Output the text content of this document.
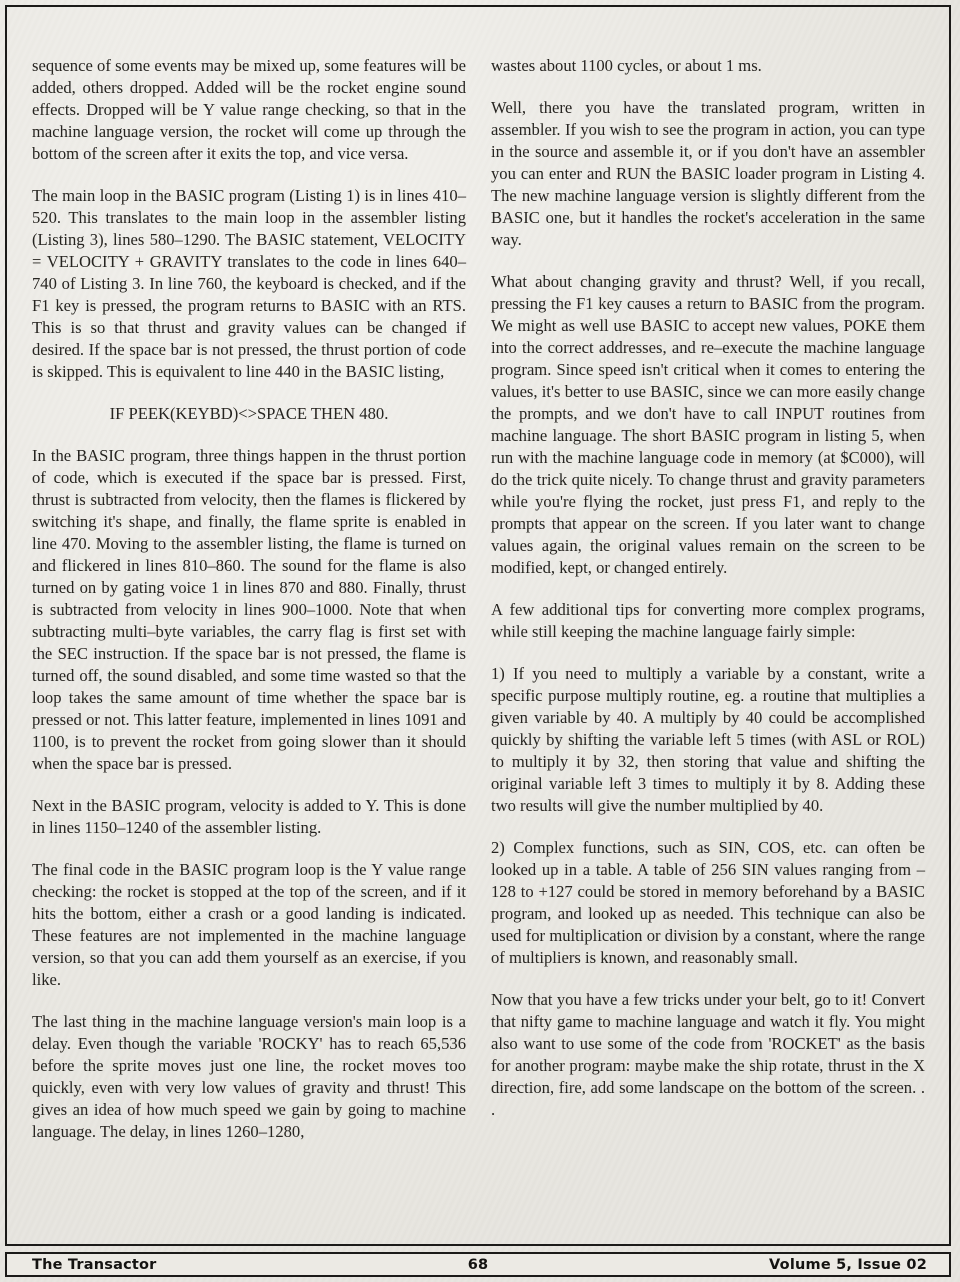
sequence of some events may be mixed up, some features will be added, others dropped. Added will be the rocket engine sound effects. Dropped will be Y value range checking, so that in the machine language version, the rocket will come up through the bottom of the screen after it exits the top, and vice versa.

The main loop in the BASIC program (Listing 1) is in lines 410–520. This translates to the main loop in the assembler listing (Listing 3), lines 580–1290. The BASIC statement, VELOCITY = VELOCITY + GRAVITY translates to the code in lines 640–740 of Listing 3. In line 760, the keyboard is checked, and if the F1 key is pressed, the program returns to BASIC with an RTS. This is so that thrust and gravity values can be changed if desired. If the space bar is not pressed, the thrust portion of code is skipped. This is equivalent to line 440 in the BASIC listing,

IF PEEK(KEYBD)<>SPACE THEN 480.

In the BASIC program, three things happen in the thrust portion of code, which is executed if the space bar is pressed. First, thrust is subtracted from velocity, then the flames is flickered by switching it's shape, and finally, the flame sprite is enabled in line 470. Moving to the assembler listing, the flame is turned on and flickered in lines 810–860. The sound for the flame is also turned on by gating voice 1 in lines 870 and 880. Finally, thrust is subtracted from velocity in lines 900–1000. Note that when subtracting multi–byte variables, the carry flag is first set with the SEC instruction. If the space bar is not pressed, the flame is turned off, the sound disabled, and some time wasted so that the loop takes the same amount of time whether the space bar is pressed or not. This latter feature, implemented in lines 1091 and 1100, is to prevent the rocket from going slower than it should when the space bar is pressed.

Next in the BASIC program, velocity is added to Y. This is done in lines 1150–1240 of the assembler listing.

The final code in the BASIC program loop is the Y value range checking: the rocket is stopped at the top of the screen, and if it hits the bottom, either a crash or a good landing is indicated. These features are not implemented in the machine language version, so that you can add them yourself as an exercise, if you like.

The last thing in the machine language version's main loop is a delay. Even though the variable 'ROCKY' has to reach 65,536 before the sprite moves just one line, the rocket moves too quickly, even with very low values of gravity and thrust! This gives an idea of how much speed we gain by going to machine language. The delay, in lines 1260–1280,

wastes about 1100 cycles, or about 1 ms.

Well, there you have the translated program, written in assembler. If you wish to see the program in action, you can type in the source and assemble it, or if you don't have an assembler you can enter and RUN the BASIC loader program in Listing 4. The new machine language version is slightly different from the BASIC one, but it handles the rocket's acceleration in the same way.

What about changing gravity and thrust? Well, if you recall, pressing the F1 key causes a return to BASIC from the program. We might as well use BASIC to accept new values, POKE them into the correct addresses, and re–execute the machine language program. Since speed isn't critical when it comes to entering the values, it's better to use BASIC, since we can more easily change the prompts, and we don't have to call INPUT routines from machine language. The short BASIC program in listing 5, when run with the machine language code in memory (at $C000), will do the trick quite nicely. To change thrust and gravity parameters while you're flying the rocket, just press F1, and reply to the prompts that appear on the screen. If you later want to change values again, the original values remain on the screen to be modified, kept, or changed entirely.

A few additional tips for converting more complex programs, while still keeping the machine language fairly simple:

1) If you need to multiply a variable by a constant, write a specific purpose multiply routine, eg. a routine that multiplies a given variable by 40. A multiply by 40 could be accomplished quickly by shifting the variable left 5 times (with ASL or ROL) to multiply it by 32, then storing that value and shifting the original variable left 3 times to multiply it by 8. Adding these two results will give the number multiplied by 40.

2) Complex functions, such as SIN, COS, etc. can often be looked up in a table. A table of 256 SIN values ranging from –128 to +127 could be stored in memory beforehand by a BASIC program, and looked up as needed. This technique can also be used for multiplication or division by a constant, where the range of multipliers is known, and reasonably small.

Now that you have a few tricks under your belt, go to it! Convert that nifty game to machine language and watch it fly. You might also want to use some of the code from 'ROCKET' as the basis for another program: maybe make the ship rotate, thrust in the X direction, fire, add some landscape on the bottom of the screen. . .

The Transactor	68	Volume 5, Issue 02
